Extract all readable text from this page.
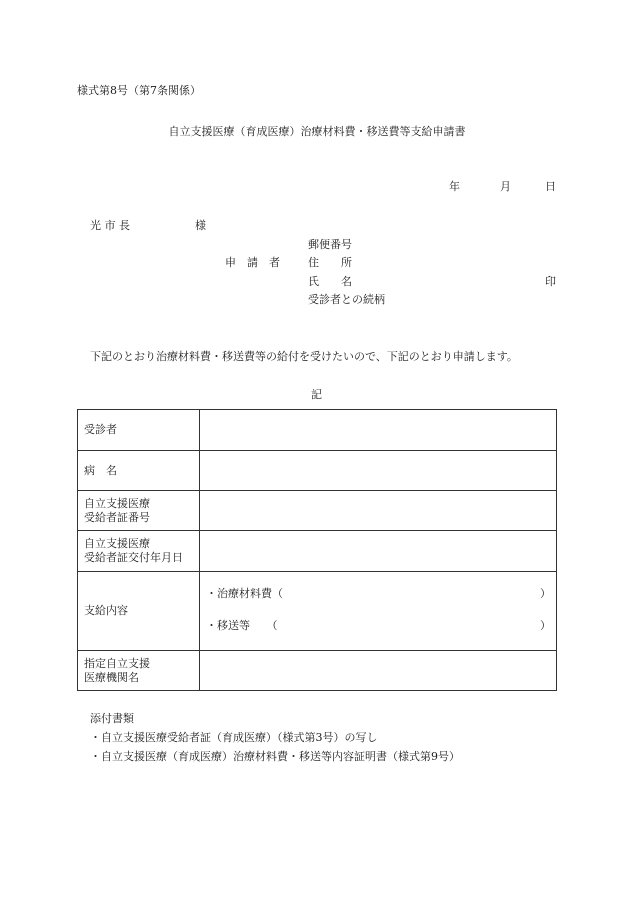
様式第8号（第7条関係）
自立支援医療（育成医療）治療材料費・移送費等支給申請書
年	月	日
光 市 長	様
郵便番号
申　請　者	住　　所
氏　　名	印
受診者との続柄
下記のとおり治療材料費・移送費等の給付を受けたいので、下記のとおり申請します。
記
受診者	
病　名	

自立支援医療
受給者証番号	

自立支援医療
受給者証交付年月日	

支給内容	・治療材料費（ ）
・移送等　　（ ）

指定自立支援
医療機関名	

添付書類
・自立支援医療受給者証（育成医療）（様式第3号）の写し
・自立支援医療（育成医療）治療材料費・移送等内容証明書（様式第9号）
